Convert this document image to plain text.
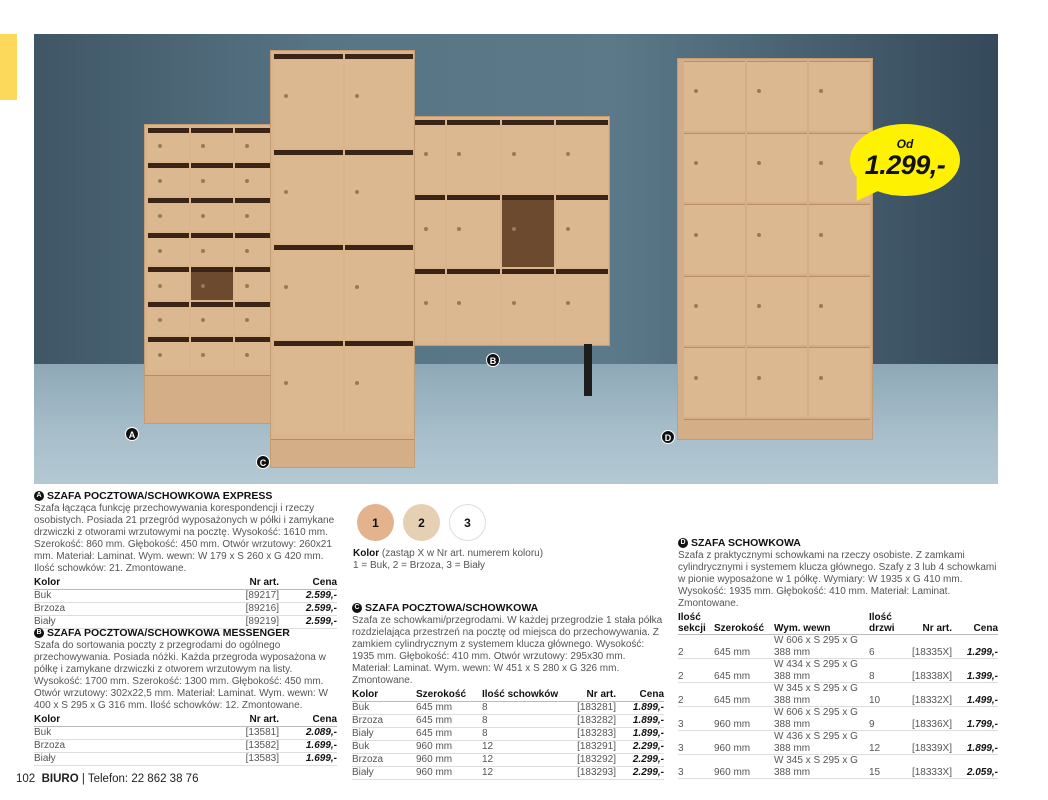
A
B
C
D
Od
1.299,-
A SZAFA POCZTOWA/SCHOWKOWA EXPRESS

Szafa łącząca funkcję przechowywania korespondencji i rzeczy osobistych. Posiada 21 przegród wyposażonych w półki i zamykane drzwiczki z otworami wrzutowymi na pocztę. Wysokość: 1610 mm. Szerokość: 860 mm. Głębokość: 450 mm. Otwór wrzutowy: 260x21 mm. Materiał: Laminat. Wym. wewn: W 179 x S 260 x G 420 mm. Ilość schowków: 21. Zmontowane.

Kolor	Nr art.	Cena
Buk	[89217]	2.599,-
Brzoza	[89216]	2.599,-
Biały	[89219]	2.599,-
B SZAFA POCZTOWA/SCHOWKOWA MESSENGER

Szafa do sortowania poczty z przegrodami do ogólnego przechowywania. Posiada nóżki. Każda przegroda wyposażona w półkę i zamykane drzwiczki z otworem wrzutowym na listy. Wysokość: 1700 mm. Szerokość: 1300 mm. Głębokość: 450 mm. Otwór wrzutowy: 302x22,5 mm. Materiał: Laminat. Wym. wewn: W 400 x S 295 x G 316 mm. Ilość schowków: 12. Zmontowane.

Kolor	Nr art.	Cena
Buk	[13581]	2.089,-
Brzoza	[13582]	1.699,-
Biały	[13583]	1.699,-
1	2	3
Kolor (zastąp X w Nr art. numerem koloru)
1 = Buk, 2 = Brzoza, 3 = Biały
C SZAFA POCZTOWA/SCHOWKOWA

Szafa ze schowkami/przegrodami. W każdej przegrodzie 1 stała półka rozdzielająca przestrzeń na pocztę od miejsca do przechowywania. Z zamkiem cylindrycznym z systemem klucza głównego. Wysokość: 1935 mm. Głębokość: 410 mm. Otwór wrzutowy: 295x30 mm. Materiał: Laminat. Wym. wewn: W 451 x S 280 x G 326 mm. Zmontowane.

Kolor	Szerokość	Ilość schowków	Nr art.	Cena
Buk	645 mm	8	[183281]	1.899,-
Brzoza	645 mm	8	[183282]	1.899,-
Biały	645 mm	8	[183283]	1.899,-
Buk	960 mm	12	[183291]	2.299,-
Brzoza	960 mm	12	[183292]	2.299,-
Biały	960 mm	12	[183293]	2.299,-
D SZAFA SCHOWKOWA

Szafa z praktycznymi schowkami na rzeczy osobiste. Z zamkami cylindrycznymi i systemem klucza głównego. Szafy z 3 lub 4 schowkami w pionie wyposażone w 1 półkę. Wymiary: W 1935 x G 410 mm. Wysokość: 1935 mm. Głębokość: 410 mm. Materiał: Laminat. Zmontowane.

Ilość sekcji	Szerokość	Wym. wewn	Ilość drzwi	Nr art.	Cena
2	645 mm	W 606 x S 295 x G 388 mm	6	[18335X]	1.299,-
2	645 mm	W 434 x S 295 x G 388 mm	8	[18338X]	1.399,-
2	645 mm	W 345 x S 295 x G 388 mm	10	[18332X]	1.499,-
3	960 mm	W 606 x S 295 x G 388 mm	9	[18336X]	1.799,-
3	960 mm	W 436 x S 295 x G 388 mm	12	[18339X]	1.899,-
3	960 mm	W 345 x S 295 x G 388 mm	15	[18333X]	2.059,-
102 BIURO | Telefon: 22 862 38 76
